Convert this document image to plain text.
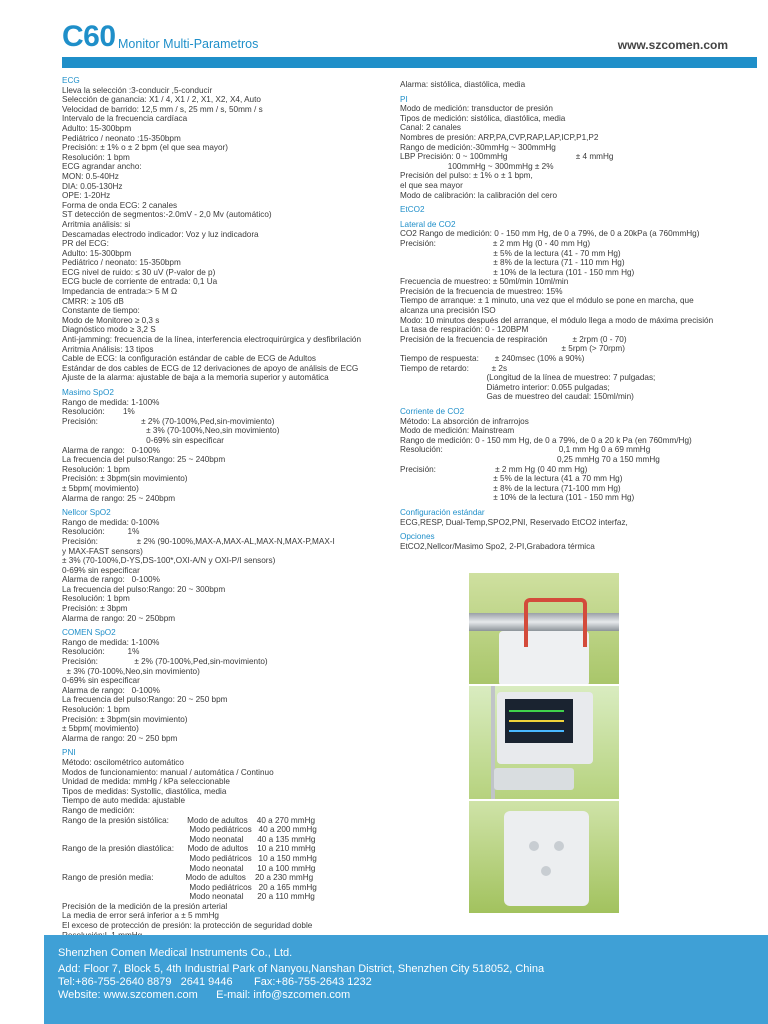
C60 Monitor Multi-Parametros	www.szcomen.com
ECG
Lleva la selección :3-conducir ,5-conducir
Selección de ganancia: X1 / 4, X1 / 2, X1, X2, X4, Auto
Velocidad de barrido: 12,5 mm / s, 25 mm / s, 50mm / s
Intervalo de la frecuencia cardíaca
Adulto: 15-300bpm
Pediátrico / neonato :15-350bpm
Precisión: ± 1% o ± 2 bpm (el que sea mayor)
Resolución: 1 bpm
ECG agrandar ancho:
MON: 0.5-40Hz
DIA: 0.05-130Hz
OPE: 1-20Hz
Forma de onda ECG: 2 canales
ST detección de segmentos:-2.0mV - 2,0 Mv (automático)
Arritmia análisis: si
Descamadas electrodo indicador: Voz y luz indicadora
PR del ECG:
Adulto: 15-300bpm
Pediátrico / neonato: 15-350bpm
ECG nivel de ruido: ≤ 30 uV (P-valor de p)
ECG bucle de corriente de entrada: 0,1 Ua
Impedancia de entrada:> 5 M Ω
CMRR: ≥ 105 dB
Constante de tiempo:
Modo de Monitoreo ≥ 0,3 s
Diagnóstico modo ≥ 3,2 S
Anti-jamming: frecuencia de la línea, interferencia electroquirúrgica y desfibrilación
Arritmia Análisis: 13 tipos
Cable de ECG: la configuración estándar de cable de ECG de Adultos
Estándar de dos cables de ECG de 12 derivaciones de apoyo de análisis de ECG
Ajuste de la alarma: ajustable de baja a la memoria superior y automática
Masimo SpO2
Rango de medida: 1-100%
Resolución:        1%
Precisión:                   ± 2% (70-100%,Ped,sin-movimiento)
± 3% (70-100%,Neo,sin movimiento)
0-69% sin especificar
Alarma de rango:   0-100%
La frecuencia del pulso:Rango: 25 ~ 240bpm
Resolución: 1 bpm
Precisión: ± 3bpm(sin movimiento)
± 5bpm( movimiento)
Alarma de rango: 25 ~ 240bpm
Nellcor SpO2
Rango de medida: 0-100%
Resolución:          1%
Precisión:                 ± 2% (90-100%,MAX-A,MAX-AL,MAX-N,MAX-P,MAX-I
y MAX-FAST sensors)
± 3% (70-100%,D-YS,DS-100*,OXI-A/N y OXI-P/I sensors)
0-69% sin especificar
Alarma de rango:   0-100%
La frecuencia del pulso:Rango: 20 ~ 300bpm
Resolución: 1 bpm
Precisión: ± 3bpm
Alarma de rango: 20 ~ 250bpm
COMEN SpO2
Rango de medida: 1-100%
Resolución:          1%
Precisión:                ± 2% (70-100%,Ped,sin-movimiento)
± 3% (70-100%,Neo,sin movimiento)
0-69% sin especificar
Alarma de rango:   0-100%
La frecuencia del pulso:Rango: 20 ~ 250 bpm
Resolución: 1 bpm
Precisión: ± 3bpm(sin movimiento)
± 5bpm( movimiento)
Alarma de rango: 20 ~ 250 bpm
PNI
Método: oscilométrico automático
Modos de funcionamiento: manual / automática / Continuo
Unidad de medida: mmHg / kPa seleccionable
Tipos de medidas: Systollic, diastólica, media
Tiempo de auto medida: ajustable
Rango de medición:
Rango de la presión sistólica:        Modo de adultos    40 a 270 mmHg
Modo pediátricos   40 a 200 mmHg
Modo neonatal      40 a 135 mmHg
Rango de la presión diastólica:      Modo de adultos    10 a 210 mmHg
Modo pediátricos   10 a 150 mmHg
Modo neonatal      10 a 100 mmHg
Rango de presión media:              Modo de adultos    20 a 230 mmHg
Modo pediátricos   20 a 165 mmHg
Modo neonatal      20 a 110 mmHg
Precisión de la medición de la presión arterial
La media de error será inferior a ± 5 mmHg
El exceso de protección de presión: la protección de seguridad doble
Alarma: sistólica, diastólica, media
PI
Modo de medición: transductor de presión
Tipos de medición: sistólica, diastólica, media
Canal: 2 canales
Nombres de presión: ARP,PA,CVP,RAP,LAP,ICP,P1,P2
Rango de medición:-30mmHg ~ 300mmHg
LBP Precisión: 0 ~ 100mmHg                              ± 4 mmHg
100mmHg ~ 300mmHg ± 2%
Precisión del pulso: ± 1% o ± 1 bpm,
el que sea mayor
Modo de calibración: la calibración del cero
EtCO2
Lateral de CO2
CO2 Rango de medición: 0 - 150 mm Hg, de 0 a 79%, de 0 a 20kPa (a 760mmHg)
Precisión:                         ± 2 mm Hg (0 - 40 mm Hg)
± 5% de la lectura (41 - 70 mm Hg)
± 8% de la lectura (71 - 110 mm Hg)
± 10% de la lectura (101 - 150 mm Hg)
Frecuencia de muestreo: ± 50ml/min 10ml/min
Precisión de la frecuencia de muestreo: 15%
Tiempo de arranque: ± 1 minuto, una vez que el módulo se pone en marcha, que
alcanza una precisión ISO
Modo: 10 minutos después del arranque, el módulo llega a modo de máxima precisión
La tasa de respiración: 0 - 120BPM
Precisión de la frecuencia de respiración           ± 2rpm (0 - 70)
± 5rpm (> 70rpm)
Tiempo de respuesta:       ± 240msec (10% a 90%)
Tiempo de retardo:          ± 2s
(Longitud de la línea de muestreo: 7 pulgadas;
Diámetro interior: 0.055 pulgadas;
Gas de muestreo del caudal: 150ml/min)
Corriente de CO2
Método: La absorción de infrarrojos
Modo de medición: Mainstream
Rango de medición: 0 - 150 mm Hg, de 0 a 79%, de 0 a 20 k Pa (en 760mm/Hg)
Resolución:                                                   0,1 mm Hg 0 a 69 mmHg
0,25 mmHg 70 a 150 mmHg
Precisión:                          ± 2 mm Hg (0 40 mm Hg)
± 5% de la lectura (41 a 70 mm Hg)
± 8% de la lectura (71-100 mm Hg)
± 10% de la lectura (101 - 150 mm Hg)
Configuración estándar
ECG,RESP, Dual-Temp,SPO2,PNI, Reservado EtCO2 interfaz,
Opciones
EtCO2,Nellcor/Masimo Spo2, 2-PI,Grabadora térmica
Shenzhen Comen Medical Instruments Co., Ltd.
Add: Floor 7, Block 5, 4th Industrial Park of Nanyou,Nanshan District, Shenzhen City 518052, China
Tel:+86-755-2640 8879   2641 9446       Fax:+86-755-2643 1232
Website: www.szcomen.com      E-mail: info@szcomen.com
